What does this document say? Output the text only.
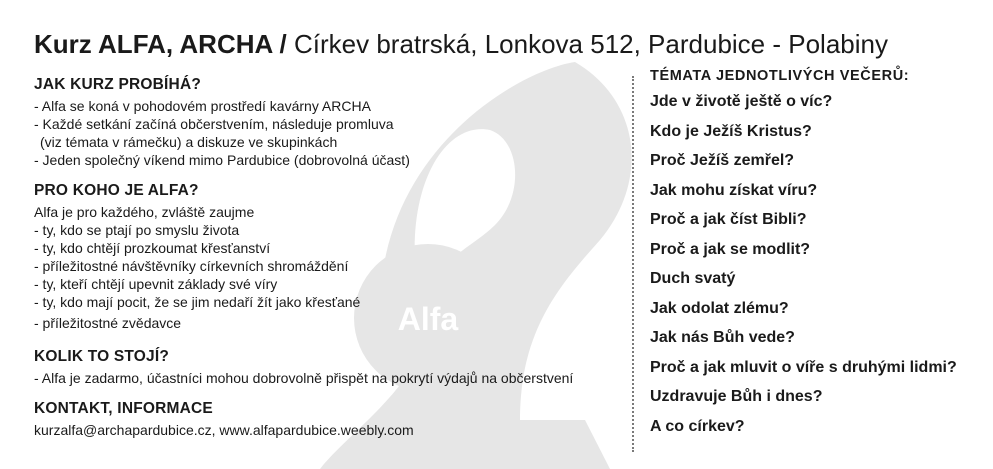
Alfa
Kurz ALFA, ARCHA / Církev bratrská, Lonkova 512, Pardubice - Polabiny
JAK KURZ PROBÍHÁ?
- Alfa se koná v pohodovém prostředí kavárny ARCHA
- Každé setkání začíná občerstvením, následuje promluva
(viz témata v rámečku) a diskuze ve skupinkách
- Jeden společný víkend mimo Pardubice (dobrovolná účast)
PRO KOHO JE ALFA?
Alfa je pro každého, zvláště zaujme
- ty, kdo se ptají po smyslu života
- ty, kdo chtějí prozkoumat křesťanství
- příležitostné návštěvníky církevních shromáždění
- ty, kteří chtějí upevnit základy své víry
- ty, kdo mají pocit, že se jim nedaří žít jako křesťané
- příležitostné zvědavce
KOLIK TO STOJÍ?
- Alfa je zadarmo, účastníci mohou dobrovolně přispět na pokrytí výdajů na občerstvení
KONTAKT, INFORMACE
kurzalfa@archapardubice.cz, www.alfapardubice.weebly.com
TÉMATA JEDNOTLIVÝCH VEČERŮ:
Jde v životě ještě o víc?
Kdo je Ježíš Kristus?
Proč Ježíš zemřel?
Jak mohu získat víru?
Proč a jak číst Bibli?
Proč a jak se modlit?
Duch svatý
Jak odolat zlému?
Jak nás Bůh vede?
Proč a jak mluvit o víře s druhými lidmi?
Uzdravuje Bůh i dnes?
A co církev?
